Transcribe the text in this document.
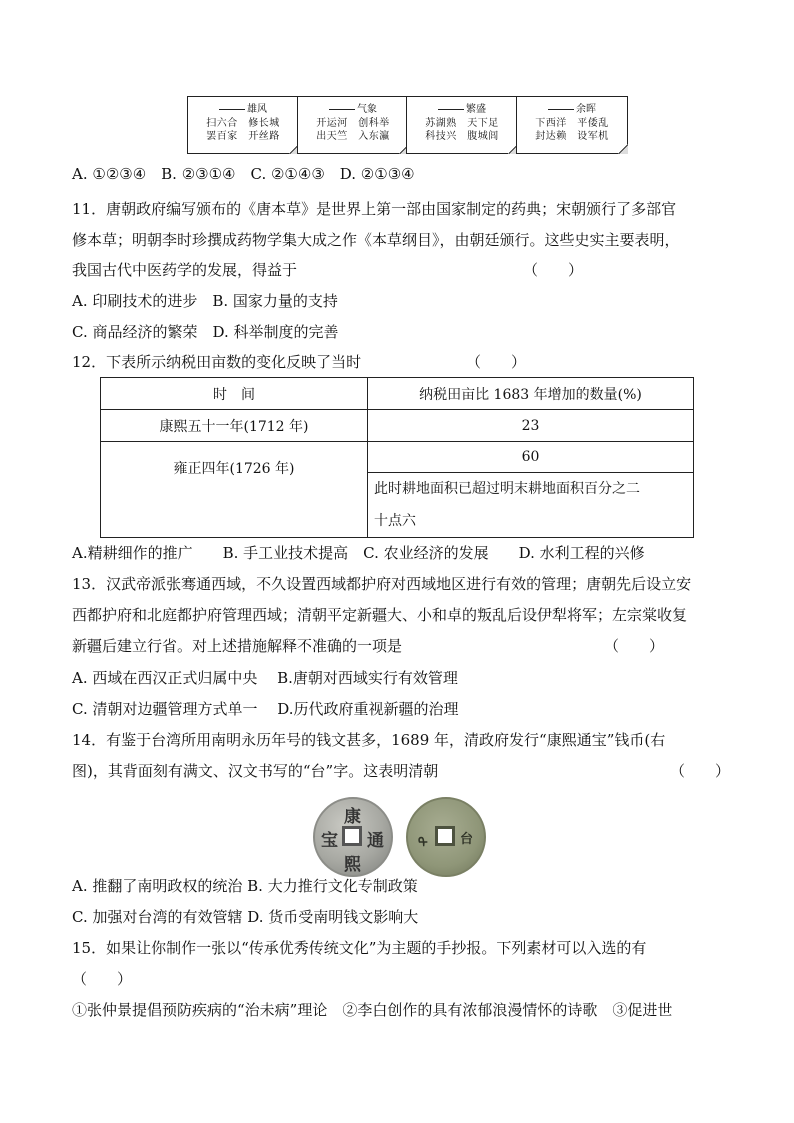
雄风
扫六合　修长城
罢百家　开丝路
气象
开运河　创科举
出天竺　入东瀛
繁盛
苏湖熟　天下足
科技兴　腹城闾
余晖
下西洋　平倭乱
封达赖　设军机
A. ①②③④　B. ②③①④　C. ②①④③　D. ②①③④
11．唐朝政府编写颁布的《唐本草》是世界上第一部由国家制定的药典；宋朝颁行了多部官
修本草；明朝李时珍撰成药物学集大成之作《本草纲目》，由朝廷颁行。这些史实主要表明，
我国古代中医药学的发展，得益于	（　　）
A. 印刷技术的进步　B. 国家力量的支持
C. 商品经济的繁荣　D. 科举制度的完善
12．下表所示纳税田亩数的变化反映了当时	（　　）
时　间	纳税田亩比 1683 年增加的数量(%)
康熙五十一年(1712 年)	23
雍正四年(1726 年)	60

	此时耕地面积已超过明末耕地面积百分之二
十点六
A.精耕细作的推广　　B. 手工业技术提高　C. 农业经济的发展　　D. 水利工程的兴修
13．汉武帝派张骞通西域，不久设置西域都护府对西域地区进行有效的管理；唐朝先后设立安
西都护府和北庭都护府管理西域；清朝平定新疆大、小和卓的叛乱后设伊犁将军；左宗棠收复
新疆后建立行省。对上述措施解释不准确的一项是	（　　）
A. 西域在西汉正式归属中央　 B.唐朝对西域实行有效管理
C. 清朝对边疆管理方式单一　 D.历代政府重视新疆的治理
14．有鉴于台湾所用南明永历年号的钱文甚多，1689 年，清政府发行“康熙通宝”钱币(右
图)，其背面刻有满文、汉文书写的“台”字。这表明清朝	（　　）
康
熙
通
宝	台
ᠲ
A. 推翻了南明政权的统治 B. 大力推行文化专制政策
C. 加强对台湾的有效管辖 D. 货币受南明钱文影响大
15．如果让你制作一张以“传承优秀传统文化”为主题的手抄报。下列素材可以入选的有
（　　）
①张仲景提倡预防疾病的“治未病”理论　②李白创作的具有浓郁浪漫情怀的诗歌　③促进世
